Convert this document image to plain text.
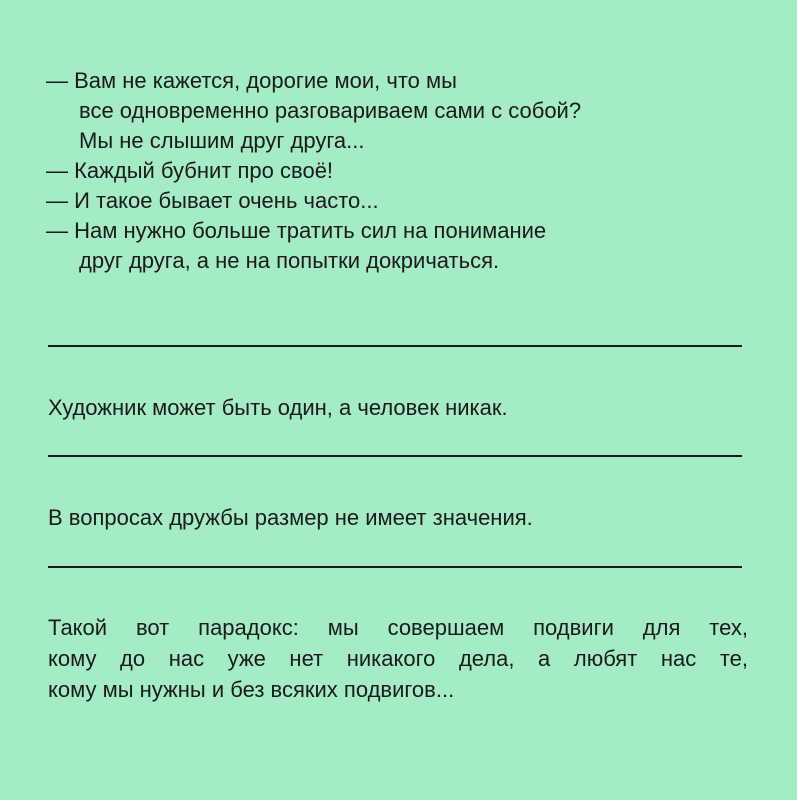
— Вам не кажется, дорогие мои, что мы

все одновременно разговариваем сами с собой?

Мы не слышим друг друга...

— Каждый бубнит про своё!

— И такое бывает очень часто...

— Нам нужно больше тратить сил на понимание

друг друга, а не на попытки докричаться.

Художник может быть один, а человек никак.

В вопросах дружбы размер не имеет значения.

Такой вот парадокс: мы совершаем подвиги для тех,
кому до нас уже нет никакого дела, а любят нас те,
кому мы нужны и без всяких подвигов...
